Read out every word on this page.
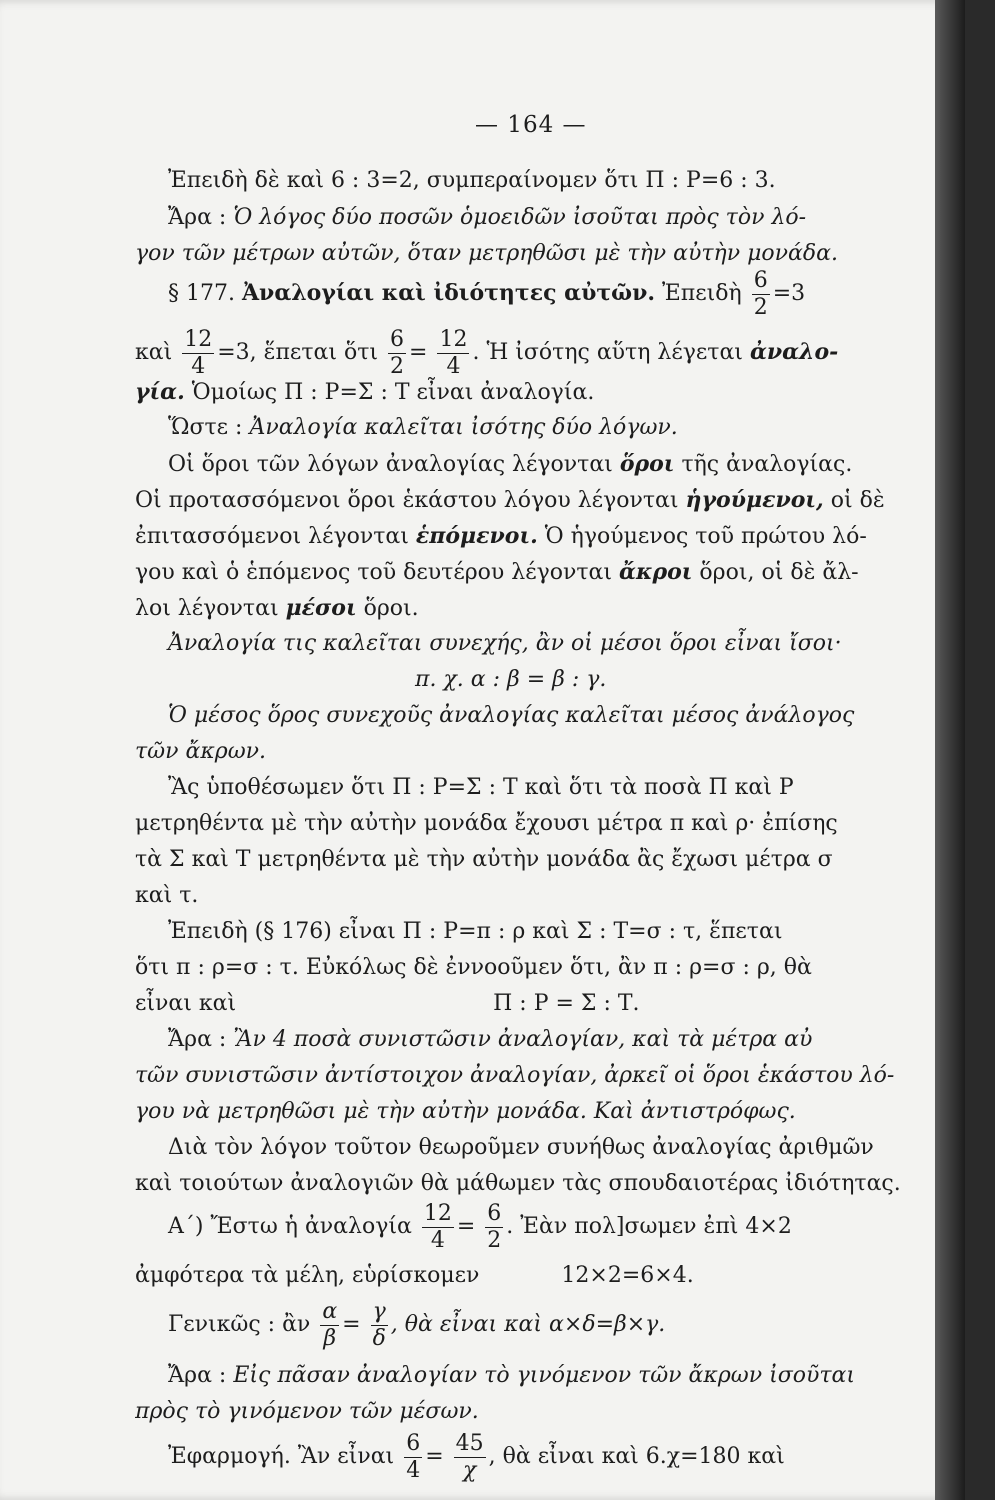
— 164 —
Ἐπειδὴ δὲ καὶ 6 : 3=2, συμπεραίνομεν ὅτι Π : Ρ=6 : 3.
Ἄρα : Ὁ λόγος δύο ποσῶν ὁμοειδῶν ἰσοῦται πρὸς τὸν λό-
γον τῶν μέτρων αὐτῶν, ὅταν μετρηθῶσι μὲ τὴν αὐτὴν μονάδα.
§ 177. Ἀναλογίαι καὶ ἰδιότητες αὐτῶν. Ἐπειδὴ $\frac{6}{2} =3$
καὶ $\frac{12}{4} =3$, ἕπεται ὅτι $\frac{6}{2} = \frac{12}{4}$ . Ἡ ἰσότης αὕτη λέγεται ἀναλο-
γία. Ὁμοίως Π : Ρ=Σ : Τ εἶναι ἀναλογία.
Ὥστε : Ἀναλογία καλεῖται ἰσότης δύο λόγων.
Οἱ ὅροι τῶν λόγων ἀναλογίας λέγονται ὅροι τῆς ἀναλογίας.
Οἱ προτασσόμενοι ὅροι ἑκάστου λόγου λέγονται ἡγούμενοι, οἱ δὲ
ἐπιτασσόμενοι λέγονται ἑπόμενοι. Ὁ ἡγούμενος τοῦ πρώτου λό-
γου καὶ ὁ ἑπόμενος τοῦ δευτέρου λέγονται ἄκροι ὅροι, οἱ δὲ ἄλ-
λοι λέγονται μέσοι ὅροι.
Ἀναλογία τις καλεῖται συνεχής, ἂν οἱ μέσοι ὅροι εἶναι ἴσοι·
π. χ. α : β = β : γ.
Ὁ μέσος ὅρος συνεχοῦς ἀναλογίας καλεῖται μέσος ἀνάλογος
τῶν ἄκρων.
Ἂς ὑποθέσωμεν ὅτι Π : Ρ=Σ : Τ καὶ ὅτι τὰ ποσὰ Π καὶ Ρ
μετρηθέντα μὲ τὴν αὐτὴν μονάδα ἔχουσι μέτρα π καὶ ρ· ἐπίσης
τὰ Σ καὶ Τ μετρηθέντα μὲ τὴν αὐτὴν μονάδα ἂς ἔχωσι μέτρα σ
καὶ τ.
Ἐπειδὴ (§ 176) εἶναι Π : Ρ=π : ρ καὶ Σ : Τ=σ : τ, ἕπεται
ὅτι π : ρ=σ : τ. Εὐκόλως δὲ ἐννοοῦμεν ὅτι, ἂν π : ρ=σ : ρ, θὰ
εἶναι καὶ	Π : Ρ = Σ : Τ.
Ἄρα : Ἂν 4 ποσὰ συνιστῶσιν ἀναλογίαν, καὶ τὰ μέτρα αὐ
τῶν συνιστῶσιν ἀντίστοιχον ἀναλογίαν, ἀρκεῖ οἱ ὅροι ἑκάστου λό-
γου νὰ μετρηθῶσι μὲ τὴν αὐτὴν μονάδα. Καὶ ἀντιστρόφως.
Διὰ τὸν λόγον τοῦτον θεωροῦμεν συνήθως ἀναλογίας ἀριθμῶν
καὶ τοιούτων ἀναλογιῶν θὰ μάθωμεν τὰς σπουδαιοτέρας ἰδιότητας.
Α΄) Ἔστω ἡ ἀναλογία $\frac{12}{4} = \frac{6}{2}$ . Ἐὰν πολ]σωμεν ἐπὶ 4×2
ἀμφότερα τὰ μέλη, εὑρίσκομεν	12×2=6×4.
Γενικῶς : ἂν $\frac{\alpha}{\beta} = \frac{\gamma}{\delta}$ , θὰ εἶναι καὶ α×δ=β×γ.
Ἄρα : Εἰς πᾶσαν ἀναλογίαν τὸ γινόμενον τῶν ἄκρων ἰσοῦται
πρὸς τὸ γινόμενον τῶν μέσων.
Ἐφαρμογή. Ἂν εἶναι $\frac{6}{4} = \frac{45}{\chi}$ , θὰ εἶναι καὶ 6.χ=180 καὶ
